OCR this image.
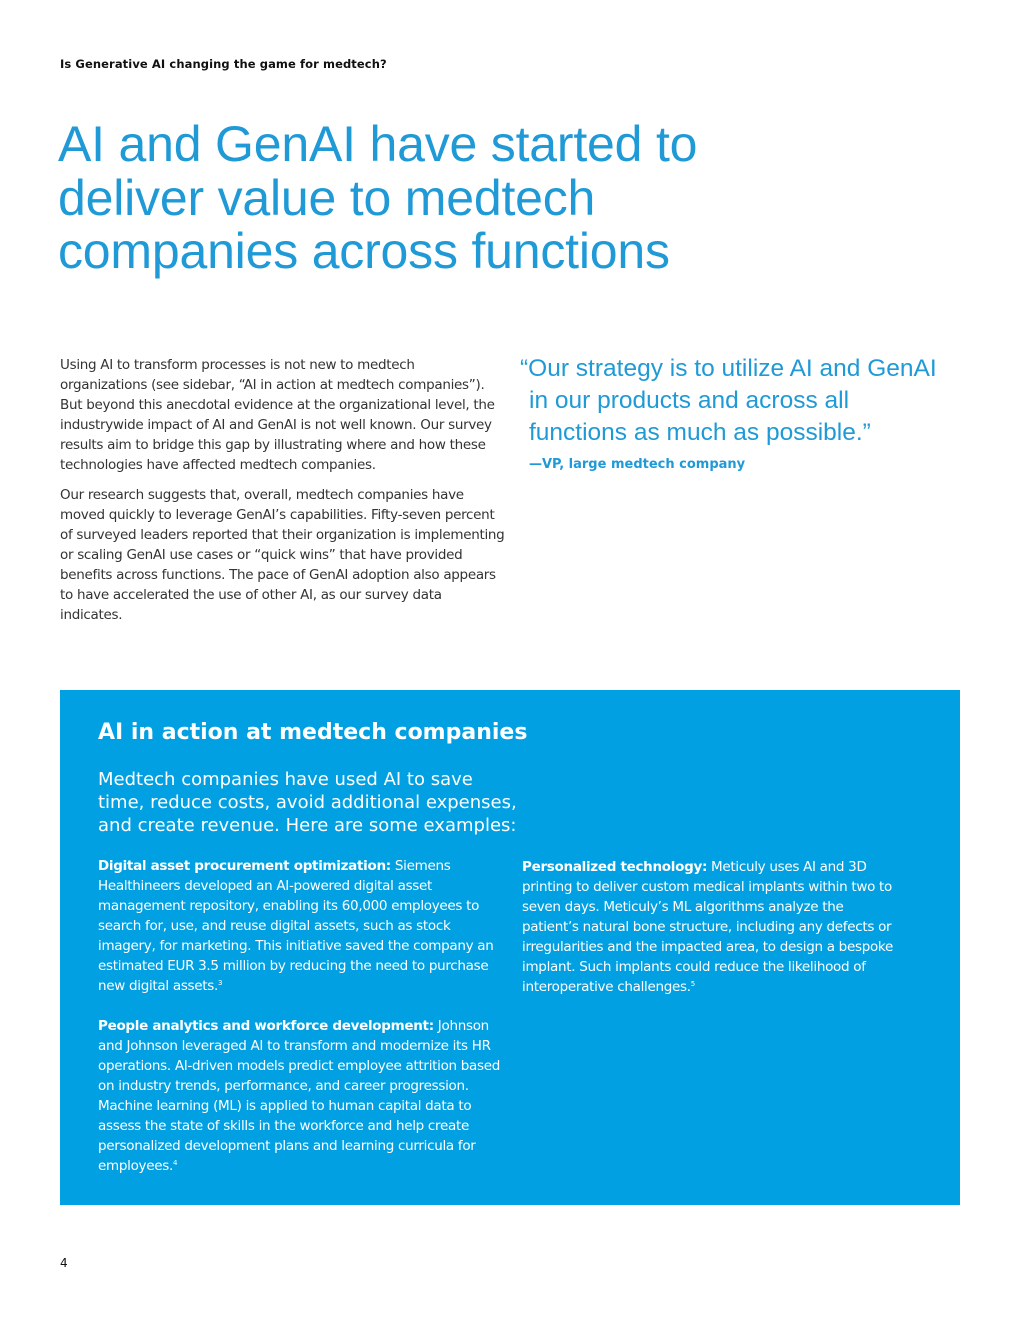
Is Generative AI changing the game for medtech?
AI and GenAI have started to deliver value to medtech companies across functions

Using AI to transform processes is not new to medtech organizations (see sidebar, “AI in action at medtech companies”). But beyond this anecdotal evidence at the organizational level, the industrywide impact of AI and GenAI is not well known. Our survey results aim to bridge this gap by illustrating where and how these technologies have affected medtech companies.

Our research suggests that, overall, medtech companies have moved quickly to leverage GenAI’s capabilities. Fifty-seven percent of surveyed leaders reported that their organization is implementing or scaling GenAI use cases or “quick wins” that have provided benefits across functions. The pace of GenAI adoption also appears to have accelerated the use of other AI, as our survey data indicates.

“Our strategy is to utilize AI and GenAI in our products and across all functions as much as possible.”

—VP, large medtech company
AI in action at medtech companies

Medtech companies have used AI to save time, reduce costs, avoid additional expenses, and create revenue. Here are some examples:

Digital asset procurement optimization: Siemens Healthineers developed an AI-powered digital asset management repository, enabling its 60,000 employees to search for, use, and reuse digital assets, such as stock imagery, for marketing. This initiative saved the company an estimated EUR 3.5 million by reducing the need to purchase new digital assets.$^3$

People analytics and workforce development: Johnson and Johnson leveraged AI to transform and modernize its HR operations. AI-driven models predict employee attrition based on industry trends, performance, and career progression. Machine learning (ML) is applied to human capital data to assess the state of skills in the workforce and help create personalized development plans and learning curricula for employees.$^4$

Personalized technology: Meticuly uses AI and 3D printing to deliver custom medical implants within two to seven days. Meticuly’s ML algorithms analyze the patient’s natural bone structure, including any defects or irregularities and the impacted area, to design a bespoke implant. Such implants could reduce the likelihood of interoperative challenges.$^5$

4
